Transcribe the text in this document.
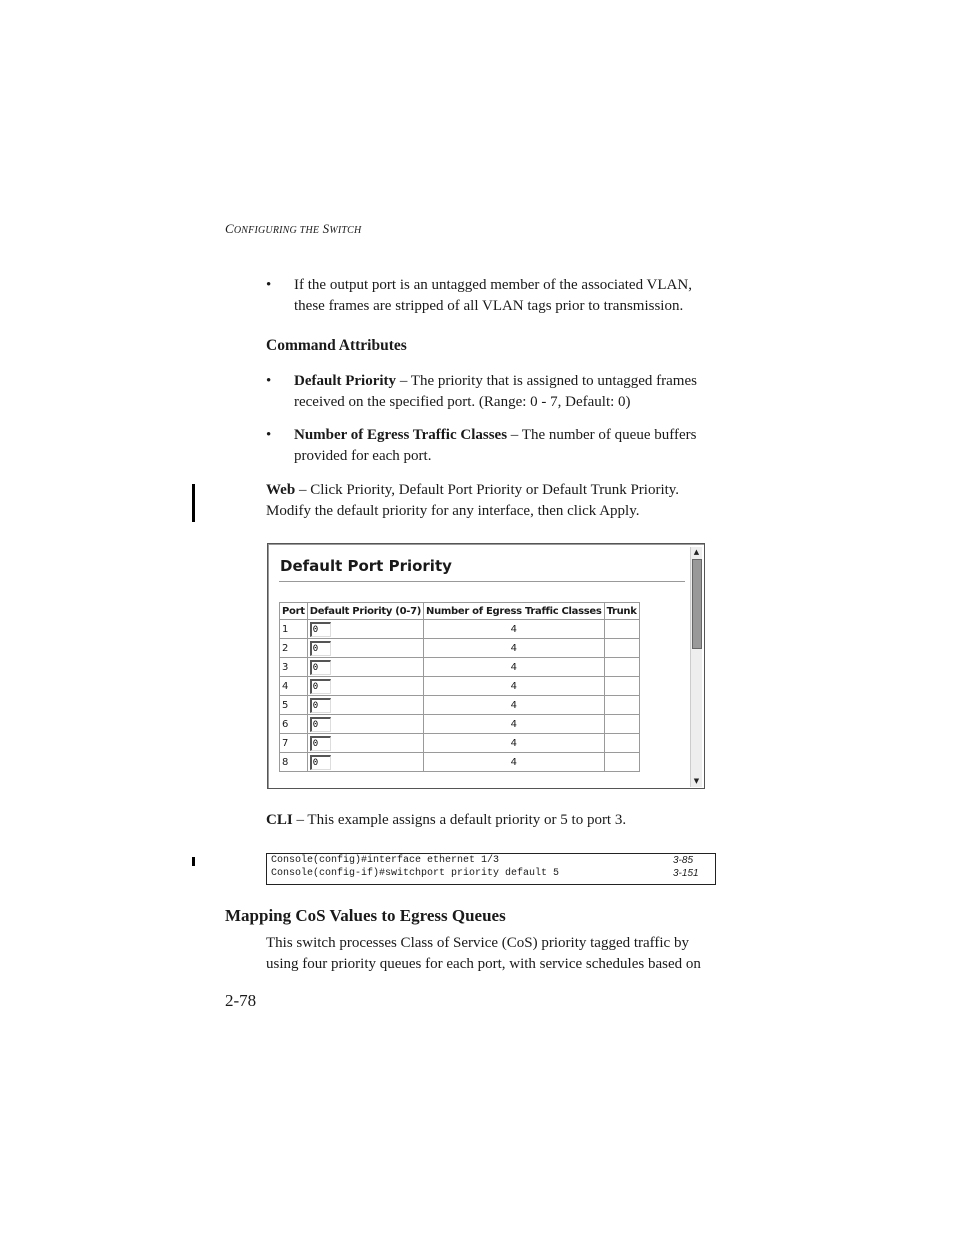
CONFIGURING THE SWITCH
• If the output port is an untagged member of the associated VLAN, these frames are stripped of all VLAN tags prior to transmission.
Command Attributes
• Default Priority – The priority that is assigned to untagged frames received on the specified port. (Range: 0 - 7, Default: 0)
• Number of Egress Traffic Classes – The number of queue buffers provided for each port.
Web – Click Priority, Default Port Priority or Default Trunk Priority. Modify the default priority for any interface, then click Apply.
Default Port Priority
Port	Default Priority (0-7)	Number of Egress Traffic Classes	Trunk
1	0	4	
2	0	4	
3	0	4	
4	0	4	
5	0	4	
6	0	4	
7	0	4	
8	0	4	
▲
▼
CLI – This example assigns a default priority or 5 to port 3.
Console(config)#interface ethernet 1/3	3-85
Console(config-if)#switchport priority default 5	3-151
Mapping CoS Values to Egress Queues
This switch processes Class of Service (CoS) priority tagged traffic by using four priority queues for each port, with service schedules based on
2-78
